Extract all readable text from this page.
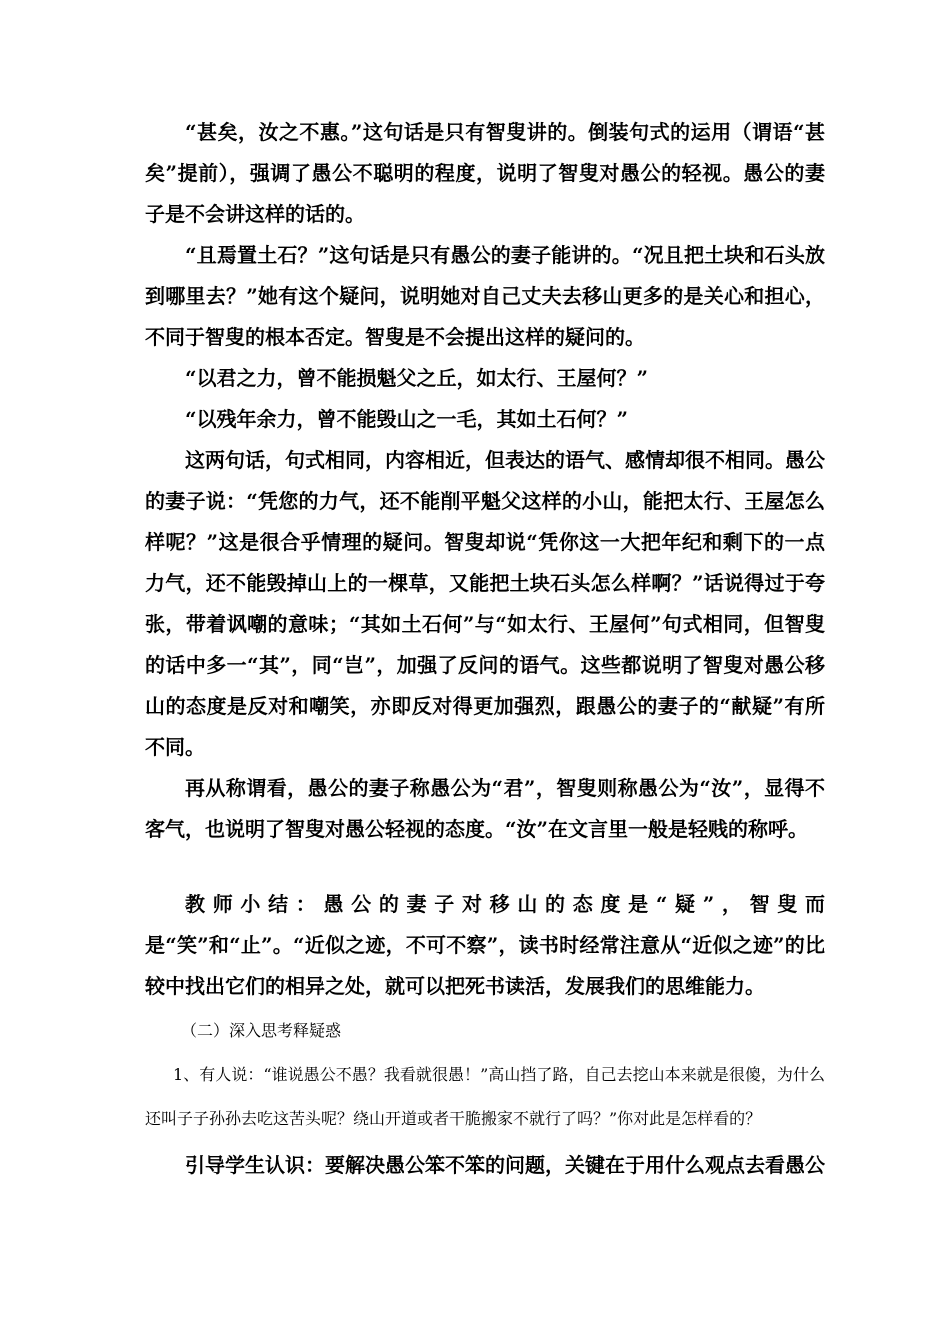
“甚矣，汝之不惠。”这句话是只有智叟讲的。倒装句式的运用（谓语“甚矣”提前），强调了愚公不聪明的程度，说明了智叟对愚公的轻视。愚公的妻子是不会讲这样的话的。

“且焉置土石？”这句话是只有愚公的妻子能讲的。“况且把土块和石头放到哪里去？”她有这个疑问，说明她对自己丈夫去移山更多的是关心和担心，不同于智叟的根本否定。智叟是不会提出这样的疑问的。

“以君之力，曾不能损魁父之丘，如太行、王屋何？”

“以残年余力，曾不能毁山之一毛，其如土石何？”

这两句话，句式相同，内容相近，但表达的语气、感情却很不相同。愚公的妻子说：“凭您的力气，还不能削平魁父这样的小山，能把太行、王屋怎么样呢？”这是很合乎情理的疑问。智叟却说“凭你这一大把年纪和剩下的一点力气，还不能毁掉山上的一棵草，又能把土块石头怎么样啊？”话说得过于夸张，带着讽嘲的意味；“其如土石何”与“如太行、王屋何”句式相同，但智叟的话中多一“其”，同“岂”，加强了反问的语气。这些都说明了智叟对愚公移山的态度是反对和嘲笑，亦即反对得更加强烈，跟愚公的妻子的“献疑”有所不同。

再从称谓看，愚公的妻子称愚公为“君”，智叟则称愚公为“汝”，显得不客气，也说明了智叟对愚公轻视的态度。“汝”在文言里一般是轻贱的称呼。

教师小结：愚公的妻子对移山的态度是“疑”，智叟而是“笑”和“止”。“近似之迹，不可不察”，读书时经常注意从“近似之迹”的比较中找出它们的相异之处，就可以把死书读活，发展我们的思维能力。

（二）深入思考释疑惑

1、有人说：“谁说愚公不愚？我看就很愚！”高山挡了路，自己去挖山本来就是很傻，为什么还叫子子孙孙去吃这苦头呢？绕山开道或者干脆搬家不就行了吗？”你对此是怎样看的？

引导学生认识：要解决愚公笨不笨的问题，关键在于用什么观点去看愚公
